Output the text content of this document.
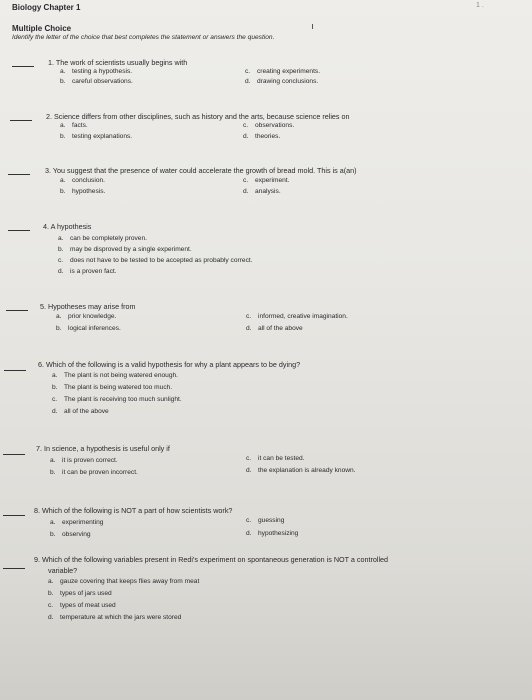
Biology Chapter 1	1 .
Multiple Choice
Identify the letter of the choice that best completes the statement or answers the question.
1. The work of scientists usually begins with
a. testing a hypothesis.
b. careful observations.
c. creating experiments.
d. drawing conclusions.
2. Science differs from other disciplines, such as history and the arts, because science relies on
a. facts.
b. testing explanations.
c. observations.
d. theories.
3. You suggest that the presence of water could accelerate the growth of bread mold. This is a(an)
a. conclusion.
b. hypothesis.
c. experiment.
d. analysis.
4. A hypothesis
a. can be completely proven.
b. may be disproved by a single experiment.
c. does not have to be tested to be accepted as probably correct.
d. is a proven fact.
5. Hypotheses may arise from
a. prior knowledge.
b. logical inferences.
c. informed, creative imagination.
d. all of the above
6. Which of the following is a valid hypothesis for why a plant appears to be dying?
a. The plant is not being watered enough.
b. The plant is being watered too much.
c. The plant is receiving too much sunlight.
d. all of the above
7. In science, a hypothesis is useful only if
a. it is proven correct.
b. it can be proven incorrect.
c. it can be tested.
d. the explanation is already known.
8. Which of the following is NOT a part of how scientists work?
a. experimenting
b. observing
c. guessing
d. hypothesizing
9. Which of the following variables present in Redi's experiment on spontaneous generation is NOT a controlled
variable?
a. gauze covering that keeps flies away from meat
b. types of jars used
c. types of meat used
d. temperature at which the jars were stored
